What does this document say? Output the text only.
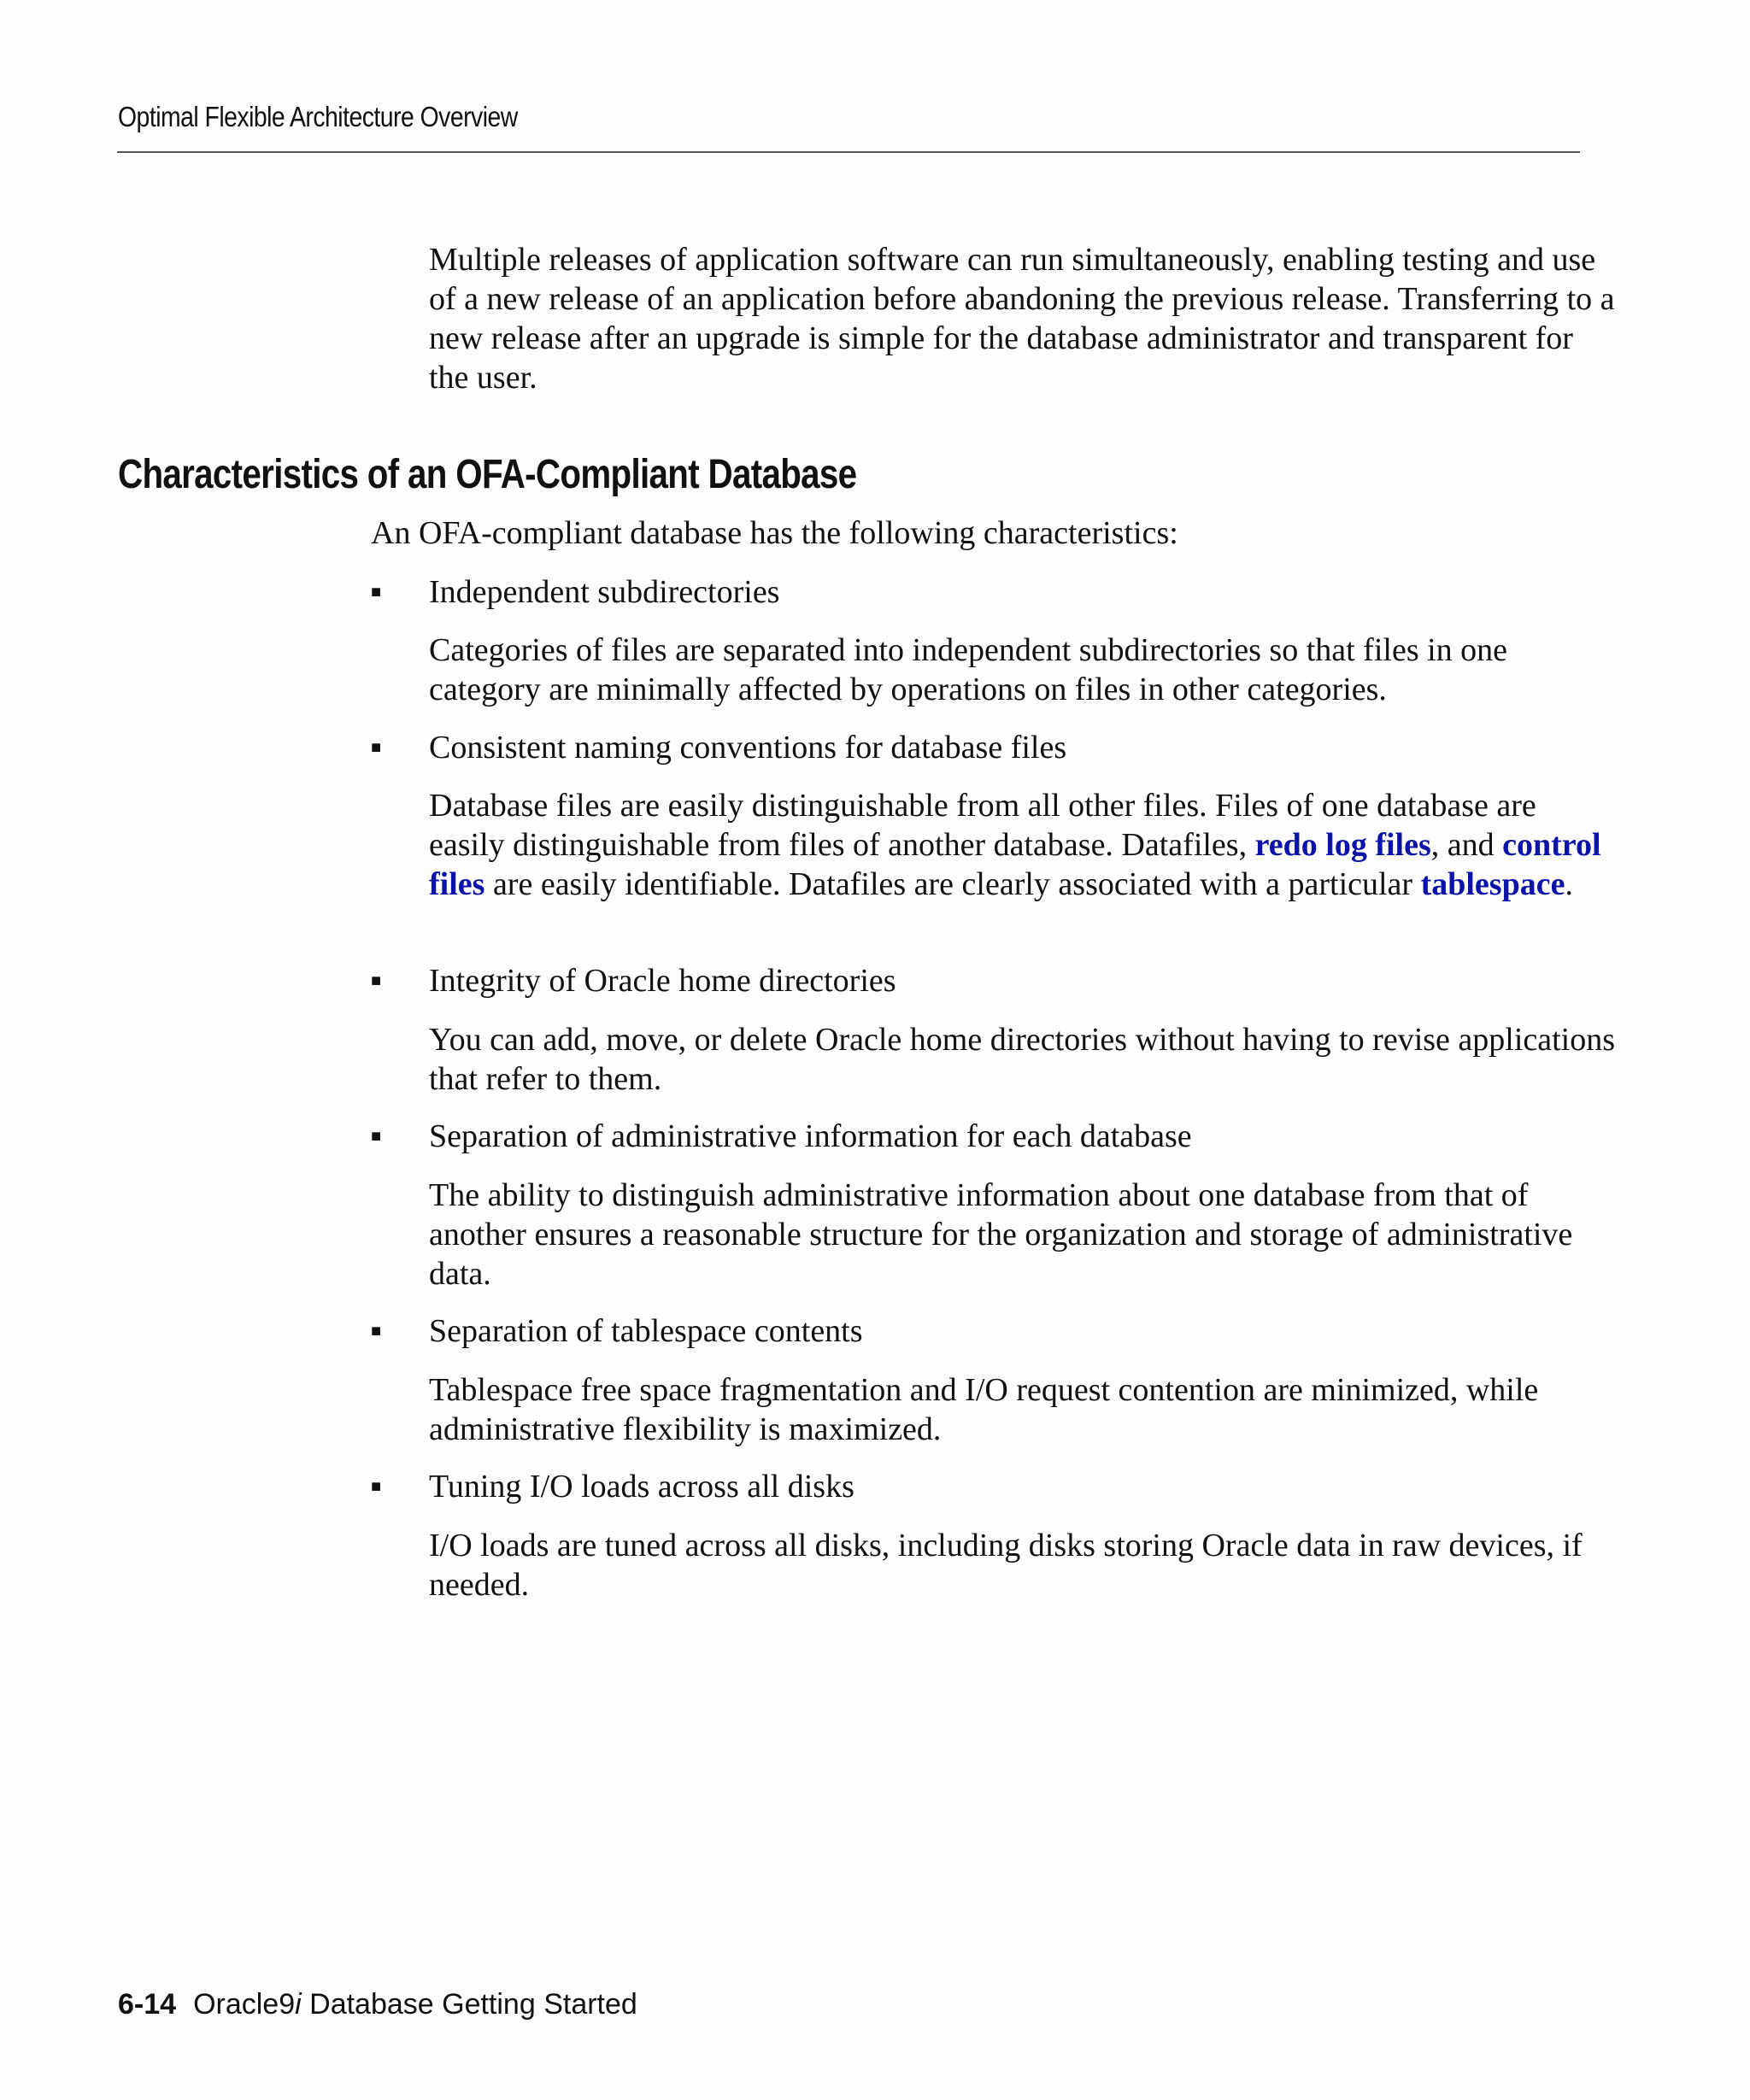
Optimal Flexible Architecture Overview

Multiple releases of application software can run simultaneously, enabling testing and use of a new release of an application before abandoning the previous release. Transferring to a new release after an upgrade is simple for the database administrator and transparent for the user.

Characteristics of an OFA-Compliant Database

An OFA-compliant database has the following characteristics:

■ Independent subdirectories

Categories of files are separated into independent subdirectories so that files in one category are minimally affected by operations on files in other categories.

■ Consistent naming conventions for database files

Database files are easily distinguishable from all other files. Files of one database are easily distinguishable from files of another database. Datafiles, redo log files, and control files are easily identifiable. Datafiles are clearly associated with a particular tablespace.

■ Integrity of Oracle home directories

You can add, move, or delete Oracle home directories without having to revise applications that refer to them.

■ Separation of administrative information for each database

The ability to distinguish administrative information about one database from that of another ensures a reasonable structure for the organization and storage of administrative data.

■ Separation of tablespace contents

Tablespace free space fragmentation and I/O request contention are minimized, while administrative flexibility is maximized.

■ Tuning I/O loads across all disks

I/O loads are tuned across all disks, including disks storing Oracle data in raw devices, if needed.

6-14 Oracle9i Database Getting Started
